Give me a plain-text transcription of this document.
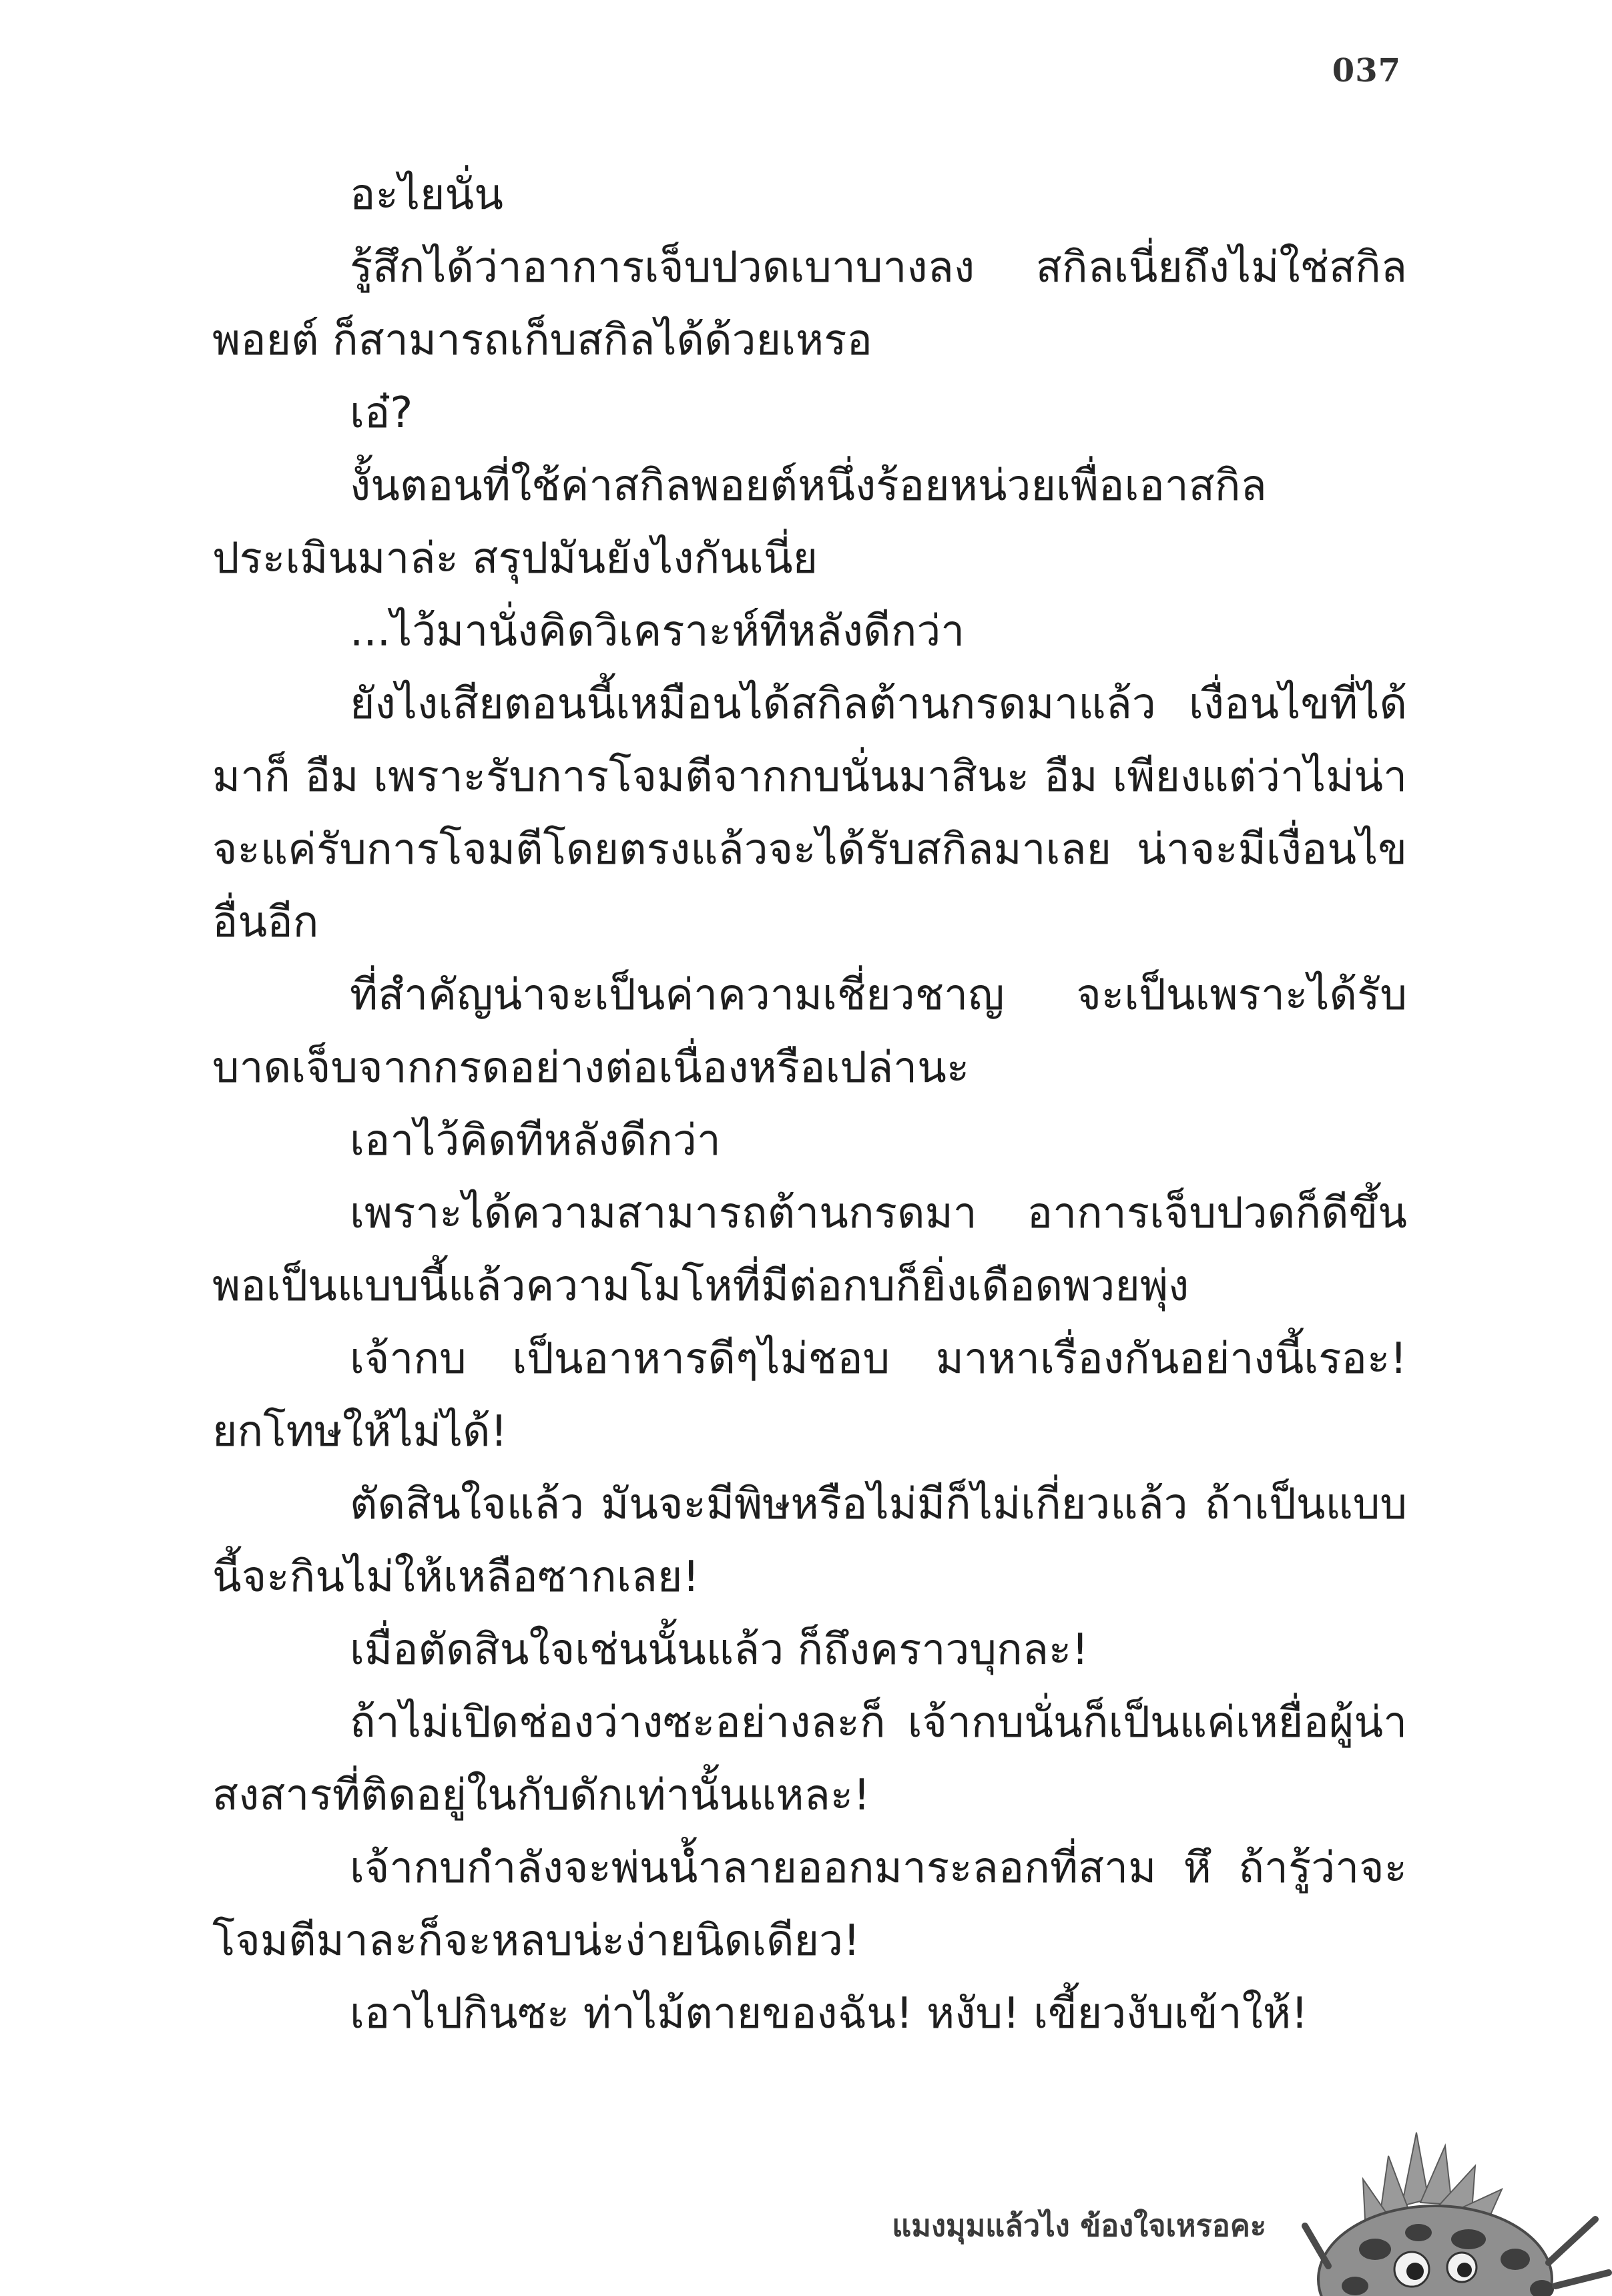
037

อะไยนั่น

รู้สึกได้ว่าอาการเจ็บปวดเบาบางลง สกิลเนี่ยถึงไม่ใช่สกิลพอยต์ ก็สามารถเก็บสกิลได้ด้วยเหรอ

เอ๋?

งั้นตอนที่ใช้ค่าสกิลพอยต์หนึ่งร้อยหน่วยเพื่อเอาสกิลประเมินมาล่ะ สรุปมันยังไงกันเนี่ย

...ไว้มานั่งคิดวิเคราะห์ทีหลังดีกว่า

ยังไงเสียตอนนี้เหมือนได้สกิลต้านกรดมาแล้ว เงื่อนไขที่ได้มาก็ อืม เพราะรับการโจมตีจากกบนั่นมาสินะ อืม เพียงแต่ว่าไม่น่าจะแค่รับการโจมตีโดยตรงแล้วจะได้รับสกิลมาเลย น่าจะมีเงื่อนไขอื่นอีก

ที่สำคัญน่าจะเป็นค่าความเชี่ยวชาญ จะเป็นเพราะได้รับบาดเจ็บจากกรดอย่างต่อเนื่องหรือเปล่านะ

เอาไว้คิดทีหลังดีกว่า

เพราะได้ความสามารถต้านกรดมา อาการเจ็บปวดก็ดีขึ้น พอเป็นแบบนี้แล้วความโมโหที่มีต่อกบก็ยิ่งเดือดพวยพุ่ง

เจ้ากบ เป็นอาหารดีๆไม่ชอบ มาหาเรื่องกันอย่างนี้เรอะ! ยกโทษให้ไม่ได้!

ตัดสินใจแล้ว มันจะมีพิษหรือไม่มีก็ไม่เกี่ยวแล้ว ถ้าเป็นแบบนี้จะกินไม่ให้เหลือซากเลย!

เมื่อตัดสินใจเช่นนั้นแล้ว ก็ถึงคราวบุกละ!

ถ้าไม่เปิดช่องว่างซะอย่างละก็ เจ้ากบนั่นก็เป็นแค่เหยื่อผู้น่าสงสารที่ติดอยู่ในกับดักเท่านั้นแหละ!

เจ้ากบกำลังจะพ่นน้ำลายออกมาระลอกที่สาม หึ ถ้ารู้ว่าจะโจมตีมาละก็จะหลบน่ะง่ายนิดเดียว!

เอาไปกินซะ ท่าไม้ตายของฉัน! หงับ! เขี้ยวงับเข้าให้!

แมงมุมแล้วไง ข้องใจเหรอคะ
